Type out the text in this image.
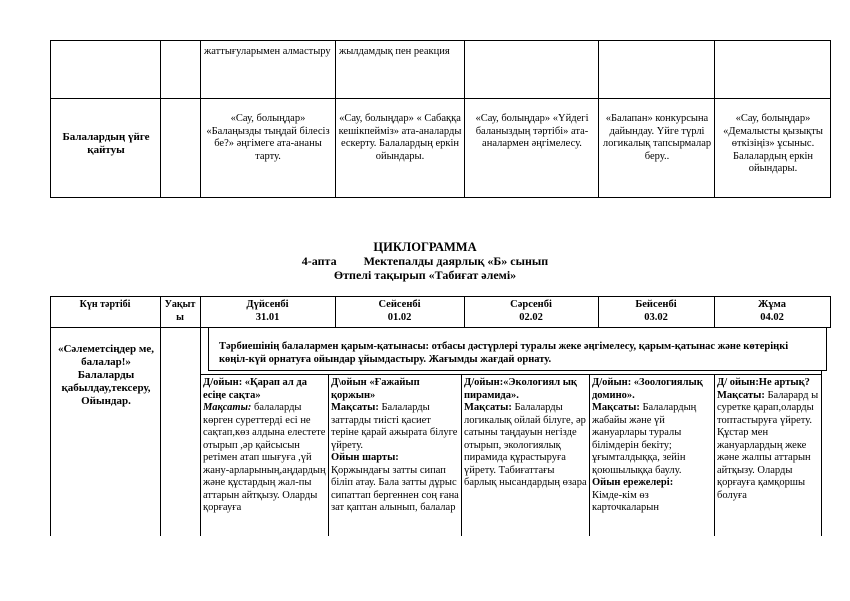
жаттығуларымен алмастыру жылдамдық пен реакция
Балалардың үйге қайтуы
«Сау, болыңдар» «Балаңызды тыңдай білесіз бе?» әңгімеге ата-ананы тарту.
«Сау, болыңдар» « Сабаққа кешікпеймiз» ата-аналарды ескерту. Балалардың еркін ойындары.
«Сау, болыңдар» «Үйдегі баланыздың тәртібі» ата-аналармен әңгімелесу.
«Балапан» конкурсына дайындау. Үйге түрлі логикалық тапсырмалар беру..
«Сау, болыңдар» «Демалысты қызықты өткізіңіз» ұсыныс. Балалардың еркін ойындары.
ЦИКЛОГРАММА
4-апта Мектепалды даярлық «Б» сынып
Өтпелі тақырып «Табиғат әлемі»
Күн тәртібі	Уақыты
Дүйсенбі
31.01
Сейсенбі
01.02
Сәрсенбі
02.02
Бейсенбі
03.02
Жұма
04.02
«Сәлеметсіңдер ме, балалар!» Балаларды қабылдау,тексеру, Ойындар.
Тәрбиешінің балалармен қарым-қатынасы: отбасы дәстүрлері туралы жеке әңгімелесу, қарым-қатынас және көтеріңкі көңіл-күй орнатуға ойындар ұйымдастыру. Жағымды жағдай орнату.
Д/ойын: «Қарап ал да есіңе сақта»
Мақсаты: балаларды көрген суреттерді есі не сақтап,көз алдына елестете отырып ,әр қайсысын ретімен атап шығуға ,үй жану-арларының,аңдардың және құстардың жал-пы аттарын айтқызу. Оларды қорғауға
Д\ойын «Ғажайып қоржын»
Мақсаты: Балаларды заттарды тиісті қасиет теріне қарай ажырата білуге үйрету.
Ойын шарты:
Қоржындағы затты сипап біліп атау. Бала затты дұрыс сипаттап бергеннен соң ғана зат қаптан алынып, балалар
Д/ойын:«Экологиял ық пирамида».
Мақсаты: Балаларды логикалық ойлай білуге, әр сатыны таңдауын негізде отырып, экологиялық пирамида құрастыруға үйрету. Табиғаттағы барлық нысандардың өзара
Д/ойын: «Зоологиялық домино».
Мақсаты: Балалардың жабайы және үй жануарлары туралы білімдерін бекіту; ұғымталдыққа, зейін қоюшылыққа баулу.
Ойын ережелері:
Кімде-кім өз карточкаларын
Д/ ойын:Не артық?
Мақсаты: Баларард ы суретке қарап,оларды топтастыруға үйрету. Құстар мен жануарлардың жеке және жалпы аттарын айтқызу. Оларды қорғауға қамқоршы болуға
